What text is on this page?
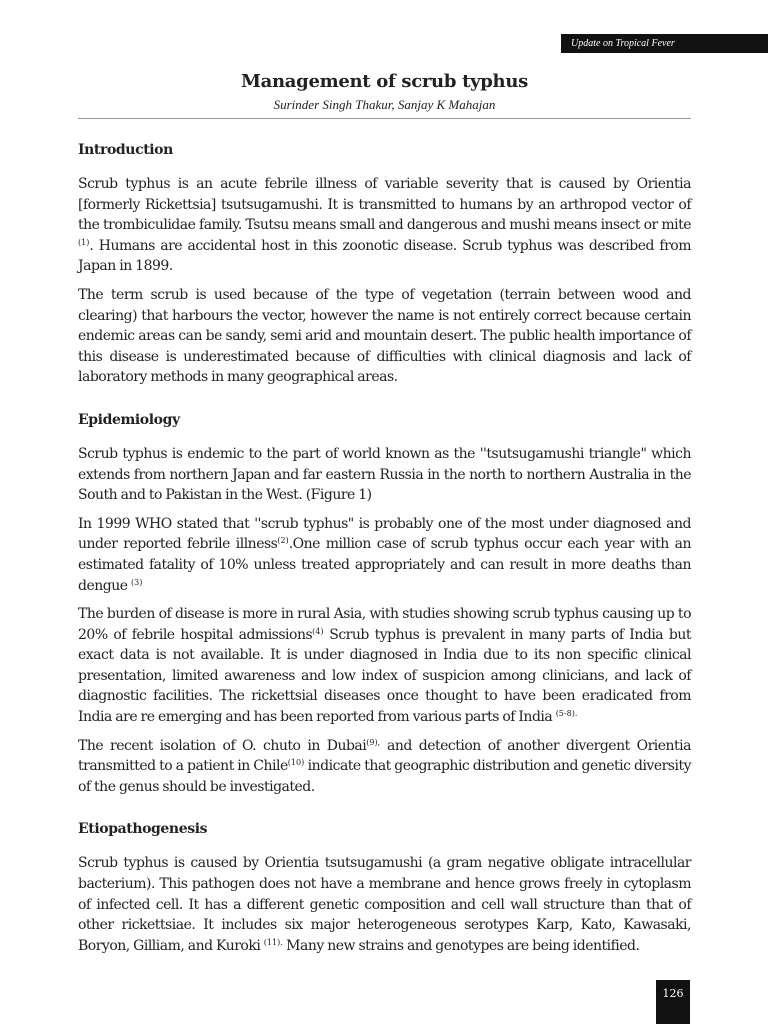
Update on Tropical Fever
Management of scrub typhus
Surinder Singh Thakur, Sanjay K Mahajan
Introduction

Scrub typhus is an acute febrile illness of variable severity that is caused by Orientia [formerly Rickettsia] tsutsugamushi. It is transmitted to humans by an arthropod vector of the trombiculidae family. Tsutsu means small and dangerous and mushi means insect or mite $^{(1)}$. Humans are accidental host in this zoonotic disease. Scrub typhus was described from Japan in 1899.

The term scrub is used because of the type of vegetation (terrain between wood and clearing) that harbours the vector, however the name is not entirely correct because certain endemic areas can be sandy, semi arid and mountain desert. The public health importance of this disease is underestimated because of difficulties with clinical diagnosis and lack of laboratory methods in many geographical areas.

Epidemiology

Scrub typhus is endemic to the part of world known as the ''tsutsugamushi triangle" which extends from northern Japan and far eastern Russia in the north to northern Australia in the South and to Pakistan in the West. (Figure 1)

In 1999 WHO stated that ''scrub typhus" is probably one of the most under diagnosed and under reported febrile illness$^{(2)}$.One million case of scrub typhus occur each year with an estimated fatality of 10% unless treated appropriately and can result in more deaths than dengue $^{(3)}$

The burden of disease is more in rural Asia, with studies showing scrub typhus causing up to 20% of febrile hospital admissions$^{(4)}$ Scrub typhus is prevalent in many parts of India but exact data is not available. It is under diagnosed in India due to its non specific clinical presentation, limited awareness and low index of suspicion among clinicians, and lack of diagnostic facilities. The rickettsial diseases once thought to have been eradicated from India are re emerging and has been reported from various parts of India $^{(5-8).}$

The recent isolation of O. chuto in Dubai$^{(9),}$ and detection of another divergent Orientia transmitted to a patient in Chile$^{(10)}$ indicate that geographic distribution and genetic diversity of the genus should be investigated.

Etiopathogenesis

Scrub typhus is caused by Orientia tsutsugamushi (a gram negative obligate intracellular bacterium). This pathogen does not have a membrane and hence grows freely in cytoplasm of infected cell. It has a different genetic composition and cell wall structure than that of other rickettsiae. It includes six major heterogeneous serotypes Karp, Kato, Kawasaki, Boryon, Gilliam, and Kuroki $^{(11).}$ Many new strains and genotypes are being identified.

126
